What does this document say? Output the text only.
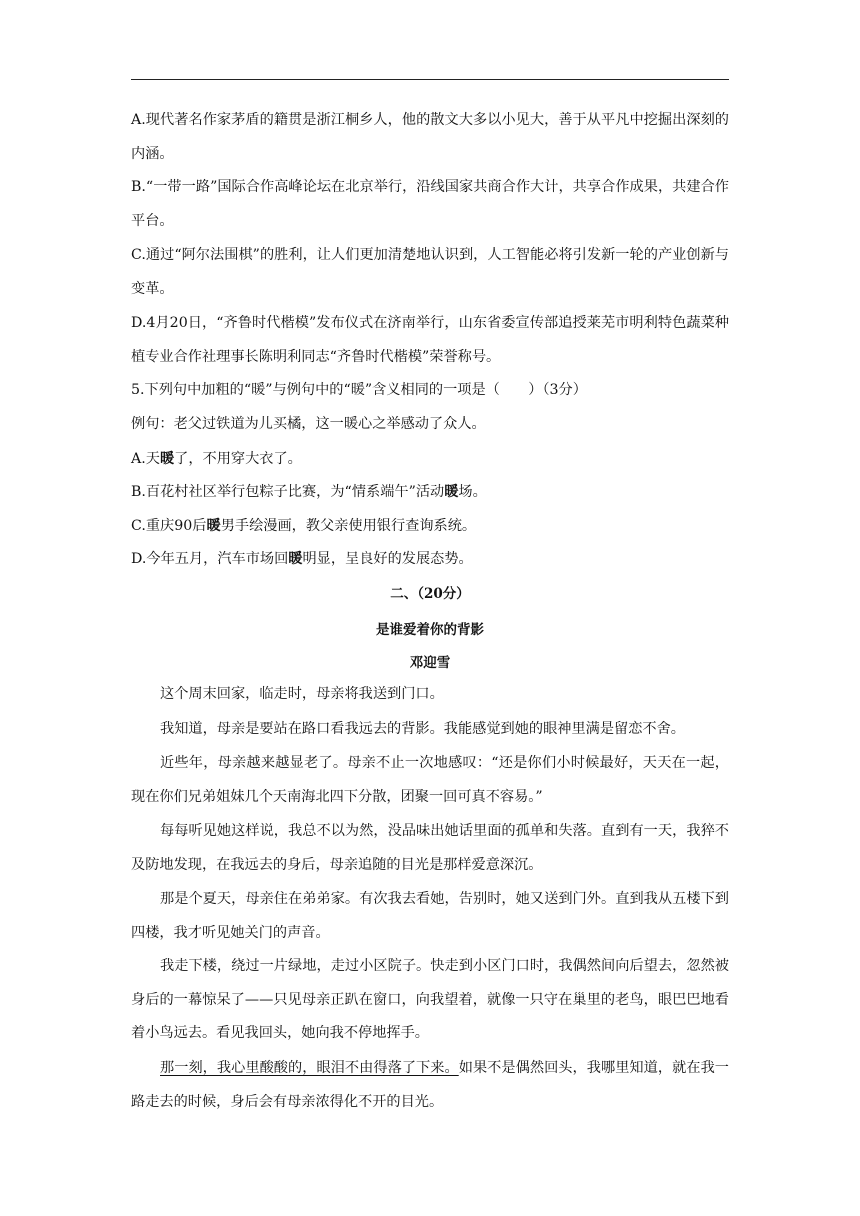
A.现代著名作家茅盾的籍贯是浙江桐乡人，他的散文大多以小见大，善于从平凡中挖掘出深刻的内涵。
B.“一带一路”国际合作高峰论坛在北京举行，沿线国家共商合作大计，共享合作成果，共建合作平台。
C.通过“阿尔法围棋”的胜利，让人们更加清楚地认识到，人工智能必将引发新一轮的产业创新与变革。
D.4月20日，“齐鲁时代楷模”发布仪式在济南举行，山东省委宣传部追授莱芜市明利特色蔬菜种植专业合作社理事长陈明利同志“齐鲁时代楷模”荣誉称号。
5.下列句中加粗的“暖”与例句中的“暖”含义相同的一项是（　　）（3分）
例句：老父过铁道为儿买橘，这一暖心之举感动了众人。
A.天暖了，不用穿大衣了。
B.百花村社区举行包粽子比赛，为“情系端午”活动暖场。
C.重庆90后暖男手绘漫画，教父亲使用银行查询系统。
D.今年五月，汽车市场回暖明显，呈良好的发展态势。
二、（20分）
是谁爱着你的背影
邓迎雪
这个周末回家，临走时，母亲将我送到门口。
我知道，母亲是要站在路口看我远去的背影。我能感觉到她的眼神里满是留恋不舍。
近些年，母亲越来越显老了。母亲不止一次地感叹：“还是你们小时候最好，天天在一起，现在你们兄弟姐妹几个天南海北四下分散，团聚一回可真不容易。”
每每听见她这样说，我总不以为然，没品味出她话里面的孤单和失落。直到有一天，我猝不及防地发现，在我远去的身后，母亲追随的目光是那样爱意深沉。
那是个夏天，母亲住在弟弟家。有次我去看她，告别时，她又送到门外。直到我从五楼下到四楼，我才听见她关门的声音。
我走下楼，绕过一片绿地，走过小区院子。快走到小区门口时，我偶然间向后望去，忽然被身后的一幕惊呆了——只见母亲正趴在窗口，向我望着，就像一只守在巢里的老鸟，眼巴巴地看着小鸟远去。看见我回头，她向我不停地挥手。
那一刻，我心里酸酸的，眼泪不由得落了下来。如果不是偶然回头，我哪里知道，就在我一路走去的时候，身后会有母亲浓得化不开的目光。
